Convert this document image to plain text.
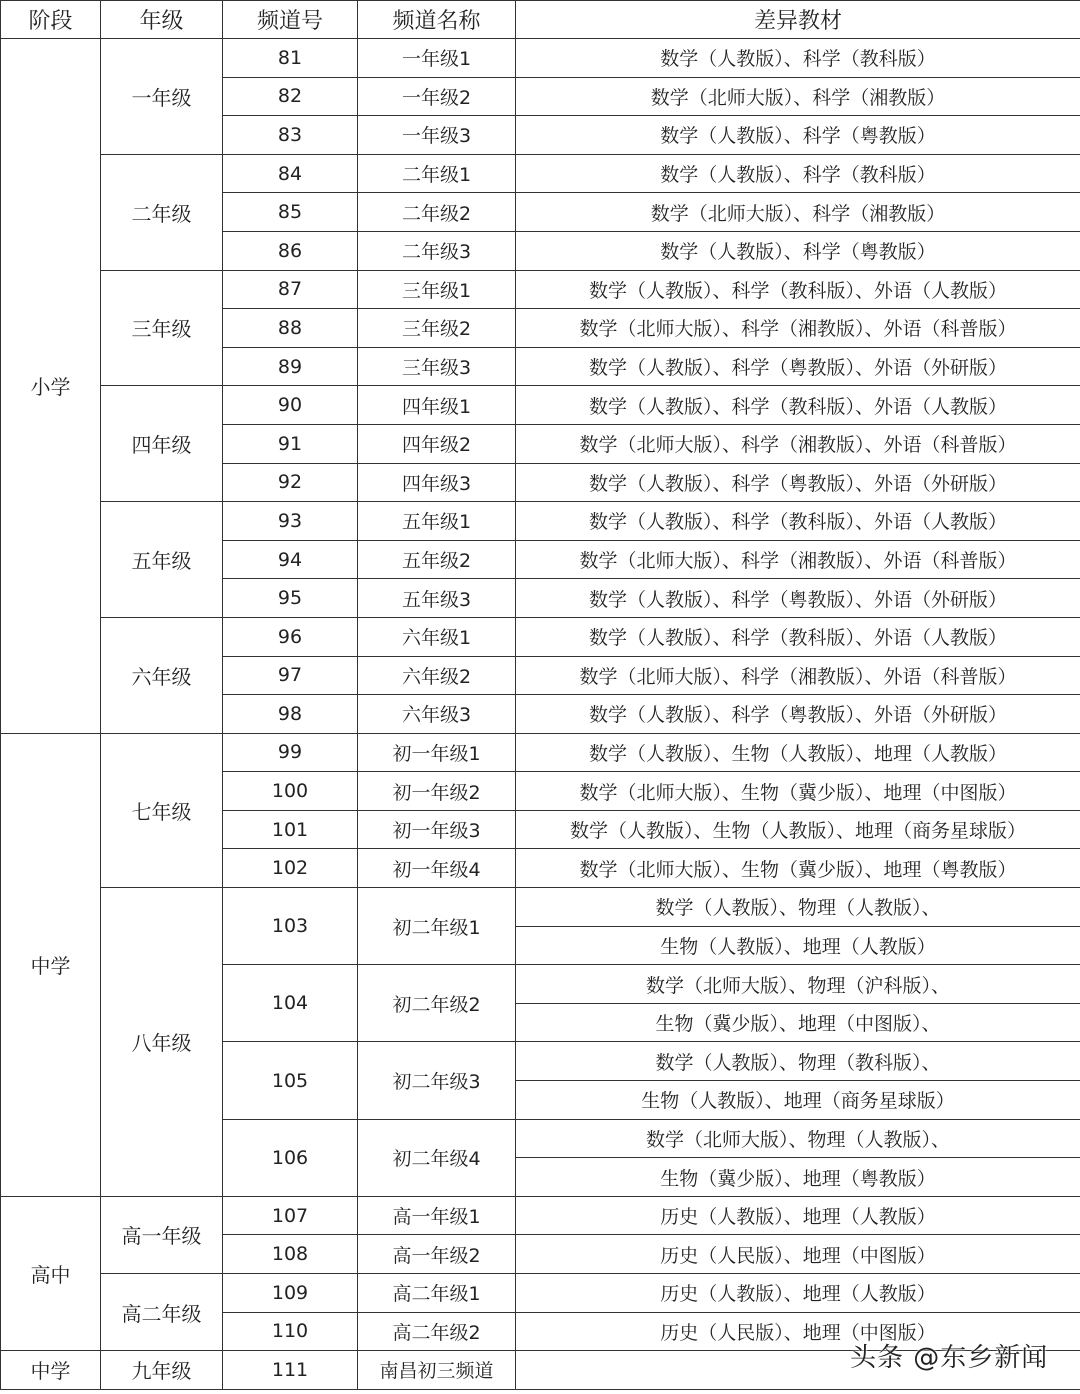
阶段	年级	频道号	频道名称	差异教材
小学	一年级	81	一年级1	数学（人教版）、科学（教科版）
		82	一年级2	数学（北师大版）、科学（湘教版）
		83	一年级3	数学（人教版）、科学（粤教版）
	二年级	84	二年级1	数学（人教版）、科学（教科版）
		85	二年级2	数学（北师大版）、科学（湘教版）
		86	二年级3	数学（人教版）、科学（粤教版）
	三年级	87	三年级1	数学（人教版）、科学（教科版）、外语（人教版）
		88	三年级2	数学（北师大版）、科学（湘教版）、外语（科普版）
		89	三年级3	数学（人教版）、科学（粤教版）、外语（外研版）
	四年级	90	四年级1	数学（人教版）、科学（教科版）、外语（人教版）
		91	四年级2	数学（北师大版）、科学（湘教版）、外语（科普版）
		92	四年级3	数学（人教版）、科学（粤教版）、外语（外研版）
	五年级	93	五年级1	数学（人教版）、科学（教科版）、外语（人教版）
		94	五年级2	数学（北师大版）、科学（湘教版）、外语（科普版）
		95	五年级3	数学（人教版）、科学（粤教版）、外语（外研版）
	六年级	96	六年级1	数学（人教版）、科学（教科版）、外语（人教版）
		97	六年级2	数学（北师大版）、科学（湘教版）、外语（科普版）
		98	六年级3	数学（人教版）、科学（粤教版）、外语（外研版）
中学	七年级	99	初一年级1	数学（人教版）、生物（人教版）、地理（人教版）
		100	初一年级2	数学（北师大版）、生物（冀少版）、地理（中图版）
		101	初一年级3	数学（人教版）、生物（人教版）、地理（商务星球版）
		102	初一年级4	数学（北师大版）、生物（冀少版）、地理（粤教版）
	八年级	103	初二年级1	数学（人教版）、物理（人教版）、
				生物（人教版）、地理（人教版）
		104	初二年级2	数学（北师大版）、物理（沪科版）、
				生物（冀少版）、地理（中图版）、
		105	初二年级3	数学（人教版）、物理（教科版）、
				生物（人教版）、地理（商务星球版）
		106	初二年级4	数学（北师大版）、物理（人教版）、
				生物（冀少版）、地理（粤教版）
高中	高一年级	107	高一年级1	历史（人教版）、地理（人教版）
		108	高一年级2	历史（人民版）、地理（中图版）
	高二年级	109	高二年级1	历史（人教版）、地理（人教版）
		110	高二年级2	历史（人民版）、地理（中图版）
中学	九年级	111	南昌初三频道		头条 @东乡新闻
